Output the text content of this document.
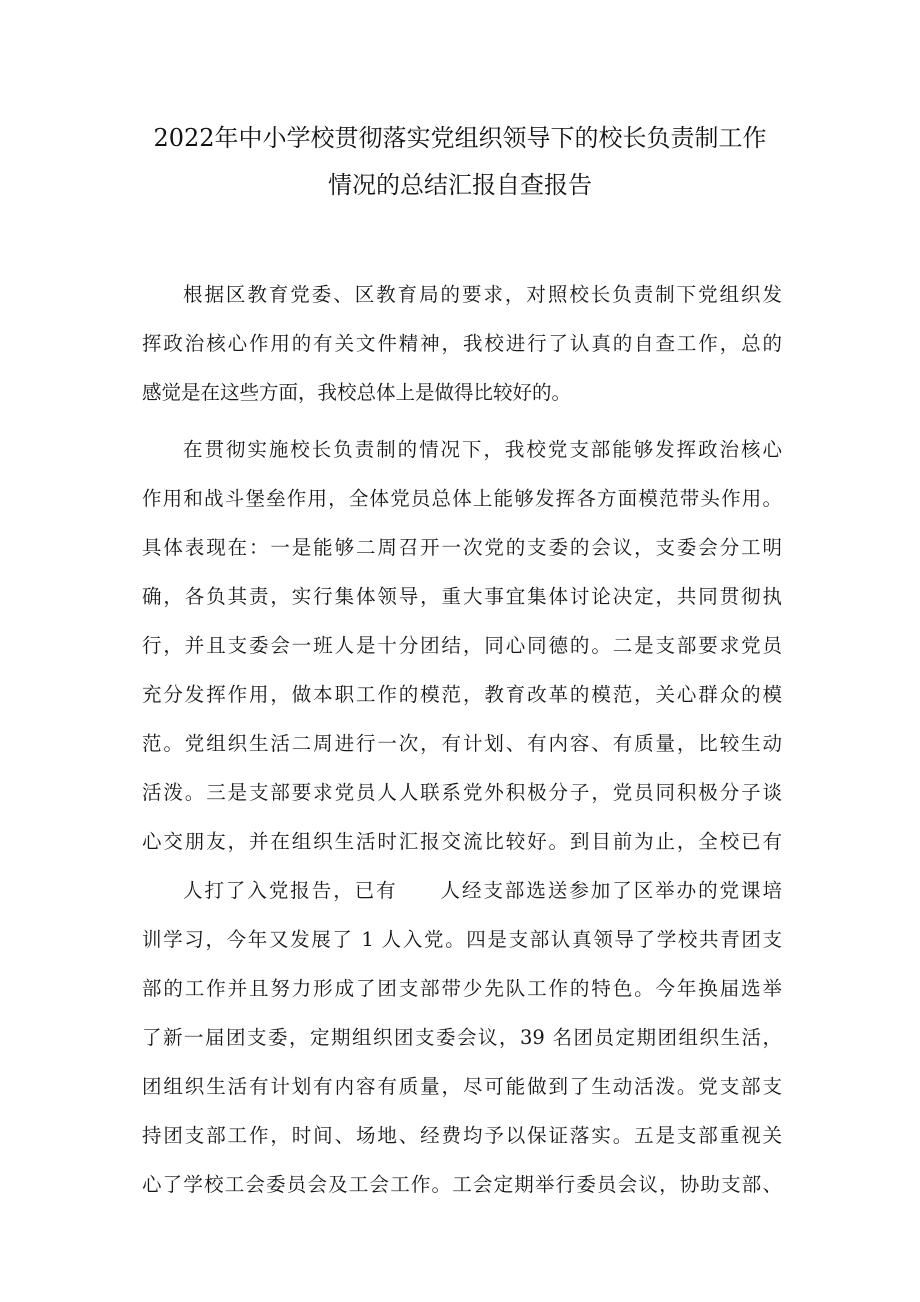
2022年中小学校贯彻落实党组织领导下的校长负责制工作
情况的总结汇报自查报告
根据区教育党委、区教育局的要求，对照校长负责制下党组织发
挥政治核心作用的有关文件精神，我校进行了认真的自查工作，总的
感觉是在这些方面，我校总体上是做得比较好的。
在贯彻实施校长负责制的情况下，我校党支部能够发挥政治核心
作用和战斗堡垒作用，全体党员总体上能够发挥各方面模范带头作用。
具体表现在：一是能够二周召开一次党的支委的会议，支委会分工明
确，各负其责，实行集体领导，重大事宜集体讨论决定，共同贯彻执
行，并且支委会一班人是十分团结，同心同德的。二是支部要求党员
充分发挥作用，做本职工作的模范，教育改革的模范，关心群众的模
范。党组织生活二周进行一次，有计划、有内容、有质量，比较生动
活泼。三是支部要求党员人人联系党外积极分子，党员同积极分子谈
心交朋友，并在组织生活时汇报交流比较好。到目前为止，全校已有
人打了入党报告，已有　　人经支部选送参加了区举办的党课培
训学习，今年又发展了 1 人入党。四是支部认真领导了学校共青团支
部的工作并且努力形成了团支部带少先队工作的特色。今年换届选举
了新一届团支委，定期组织团支委会议，39 名团员定期团组织生活，
团组织生活有计划有内容有质量，尽可能做到了生动活泼。党支部支
持团支部工作，时间、场地、经费均予以保证落实。五是支部重视关
心了学校工会委员会及工会工作。工会定期举行委员会议，协助支部、
